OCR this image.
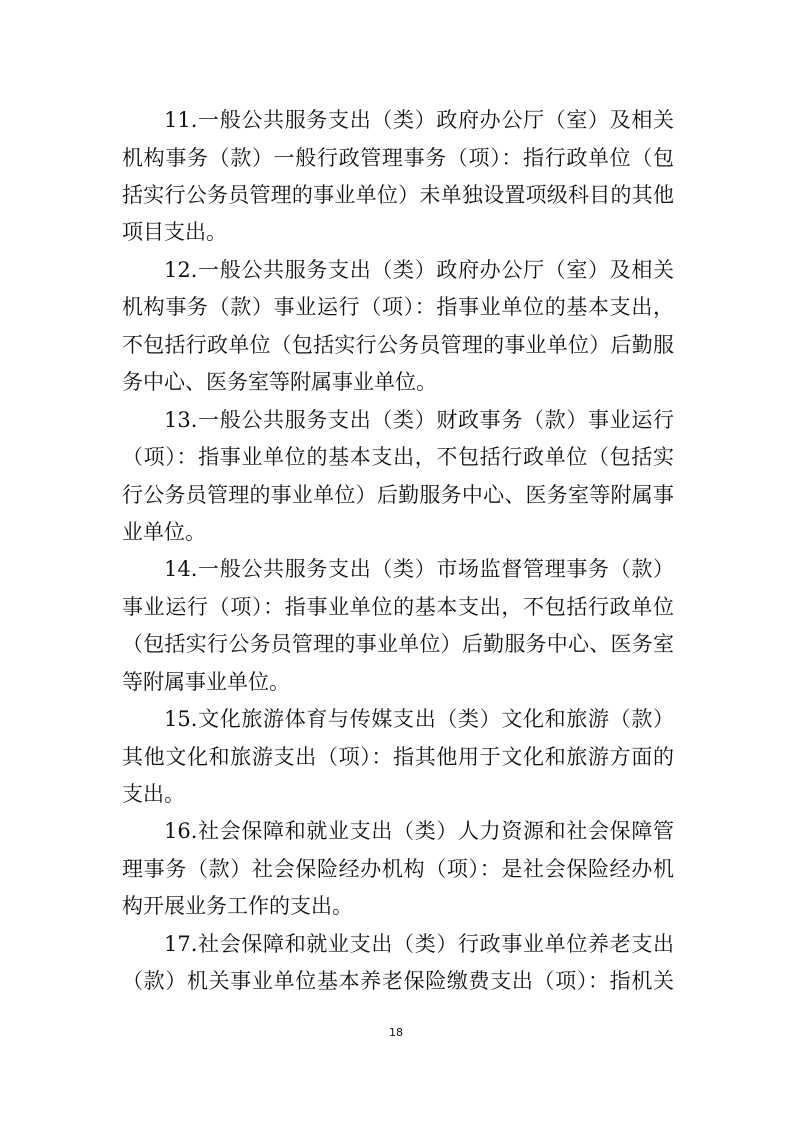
11.一般公共服务支出（类）政府办公厅（室）及相关
机构事务（款）一般行政管理事务（项）：指行政单位（包
括实行公务员管理的事业单位）未单独设置项级科目的其他
项目支出。
12.一般公共服务支出（类）政府办公厅（室）及相关
机构事务（款）事业运行（项）：指事业单位的基本支出，
不包括行政单位（包括实行公务员管理的事业单位）后勤服
务中心、医务室等附属事业单位。
13.一般公共服务支出（类）财政事务（款）事业运行
（项）：指事业单位的基本支出，不包括行政单位（包括实
行公务员管理的事业单位）后勤服务中心、医务室等附属事
业单位。
14.一般公共服务支出（类）市场监督管理事务（款）
事业运行（项）：指事业单位的基本支出，不包括行政单位
（包括实行公务员管理的事业单位）后勤服务中心、医务室
等附属事业单位。
15.文化旅游体育与传媒支出（类）文化和旅游（款）
其他文化和旅游支出（项）：指其他用于文化和旅游方面的
支出。
16.社会保障和就业支出（类）人力资源和社会保障管
理事务（款）社会保险经办机构（项）：是社会保险经办机
构开展业务工作的支出。
17.社会保障和就业支出（类）行政事业单位养老支出
（款）机关事业单位基本养老保险缴费支出（项）：指机关
18
